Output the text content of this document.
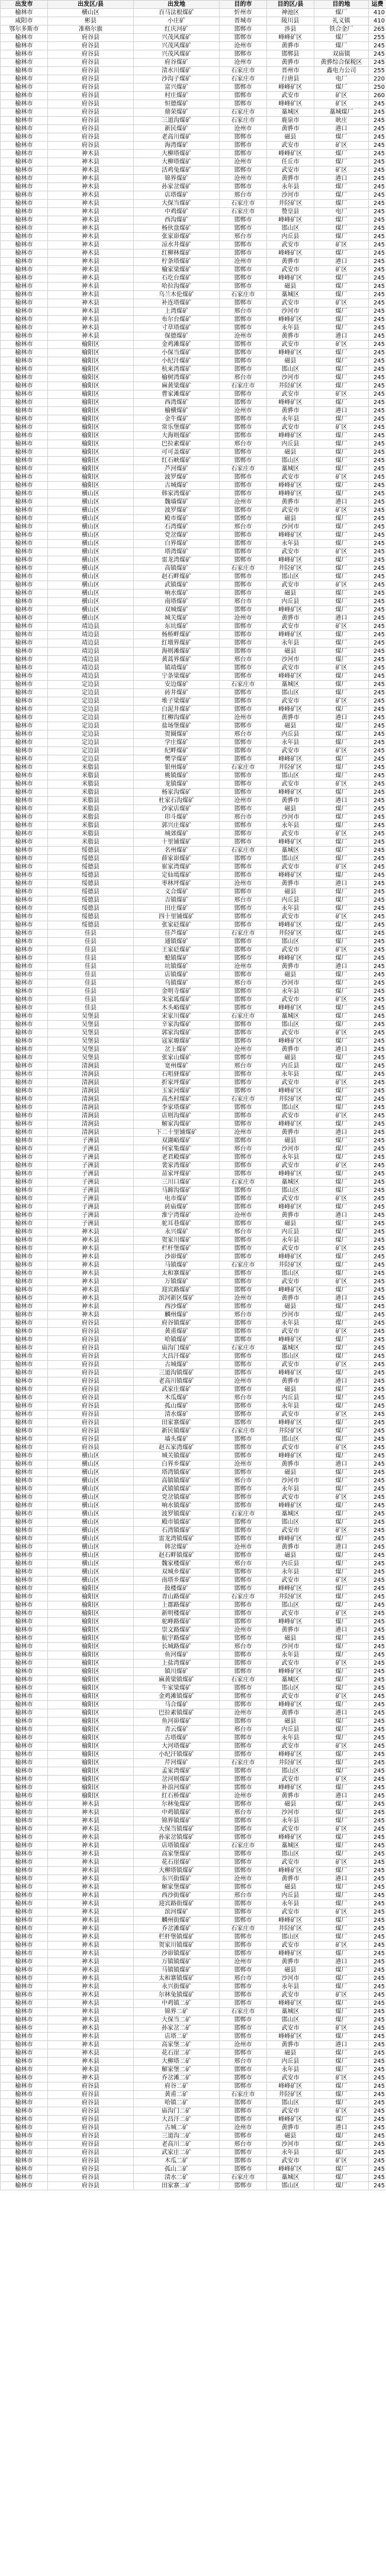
出发市	出发区/县	出发地	目的市	目的区/县	目的地	运费
榆林市	横山区	百马法根煤矿	忻州市	神池区	煤厂	410
咸阳市	彬县	小庄矿	晋城市	陵川县	礼义镇	410
鄂尔多斯市	准格尔旗	红庆河矿	邯郸市	涉县	铁合金厂	265
榆林市	府谷县	兴茂风煤矿	邯郸市	峰峰矿区	煤厂	255
榆林市	府谷县	兴茂风煤矿	沧州市	黄骅市	煤厂	245
榆林市	府谷县	兴茂风煤矿	邯郸市	邯郸县	双庙镇	245
榆林市	府谷县	府谷煤矿	沧州市	黄骅市	黄骅综合保税区	245
榆林市	府谷县	清水川煤矿	石家庄市	晋州市	鑫电力公司	255
榆林市	府谷县	沙沟子煤矿	石家庄市	行唐县	电厂	220
榆林市	府谷县	富兴煤矿	邯郸市	峰峰矿区	煤厂	250
榆林市	府谷县	村庄煤矿	邯郸市	武安市	矿区	260
榆林市	府谷县	恒德煤矿	邯郸市	峰峰矿区	矿区	245
榆林市	府谷县	鼎荣煤矿	石家庄市	藁城区	藁城煤厂	245
榆林市	府谷县	三道沟煤矿	石家庄市	鹿泉市	耿庄	245
榆林市	府谷县	新民煤矿	沧州市	黄骅市	港口	245
榆林市	府谷县	老高川煤矿	邯郸市	磁县	煤厂	245
榆林市	府谷县	海湾煤矿	邯郸市	武安市	矿区	245
榆林市	神木县	大柳塔煤矿	邯郸市	峰峰矿区	煤厂	245
榆林市	神木县	大柳塔煤矿	沧州市	任丘市	煤厂	245
榆林市	神木县	活鸡兔煤矿	邯郸市	武安市	矿区	245
榆林市	神木县	锦界煤矿	沧州市	黄骅市	港口	245
榆林市	神木县	孙家岔煤矿	邯郸市	永年县	煤厂	245
榆林市	神木县	店塔煤矿	邢台市	沙河市	煤厂	245
榆林市	神木县	大保当煤矿	石家庄市	井陉矿区	煤厂	245
榆林市	神木县	中鸡煤矿	石家庄市	赞皇县	电厂	245
榆林市	神木县	西沟煤矿	邯郸市	峰峰矿区	煤厂	245
榆林市	神木县	杨伙盘煤矿	邯郸市	邯山区	煤厂	245
榆林市	神木县	张家峁煤矿	邢台市	内丘县	煤厂	245
榆林市	神木县	凉水井煤矿	邯郸市	武安市	矿区	245
榆林市	神木县	红柳林煤矿	邯郸市	峰峰矿区	煤厂	245
榆林市	神木县	柠条塔煤矿	沧州市	黄骅市	港口	245
榆林市	神木县	榆家梁煤矿	邯郸市	武安市	矿区	245
榆林市	神木县	石圪台煤矿	邯郸市	峰峰矿区	煤厂	245
榆林市	神木县	哈拉沟煤矿	邯郸市	磁县	煤厂	245
榆林市	神木县	乌兰木伦煤矿	石家庄市	藁城区	煤厂	245
榆林市	神木县	补连塔煤矿	邯郸市	武安市	矿区	245
榆林市	神木县	上湾煤矿	邢台市	沙河市	煤厂	245
榆林市	神木县	布尔台煤矿	邯郸市	峰峰矿区	煤厂	245
榆林市	神木县	寸草塔煤矿	邯郸市	永年县	煤厂	245
榆林市	神木县	保德煤矿	沧州市	黄骅市	港口	245
榆林市	榆阳区	金鸡滩煤矿	邯郸市	武安市	矿区	245
榆林市	榆阳区	小保当煤矿	邯郸市	峰峰矿区	煤厂	245
榆林市	榆阳区	小纪汗煤矿	邯郸市	磁县	煤厂	245
榆林市	榆阳区	杭来湾煤矿	邯郸市	邯山区	煤厂	245
榆林市	榆阳区	榆树湾煤矿	邢台市	沙河市	煤厂	245
榆林市	榆阳区	麻黄梁煤矿	石家庄市	井陉矿区	煤厂	245
榆林市	榆阳区	曹家滩煤矿	邯郸市	武安市	矿区	245
榆林市	榆阳区	西湾煤矿	邯郸市	峰峰矿区	煤厂	245
榆林市	榆阳区	榆横煤矿	沧州市	黄骅市	港口	245
榆林市	榆阳区	金牛煤矿	邯郸市	永年县	煤厂	245
榆林市	榆阳区	常乐堡煤矿	邯郸市	武安市	矿区	245
榆林市	榆阳区	大海则煤矿	邯郸市	峰峰矿区	煤厂	245
榆林市	榆阳区	巴拉素煤矿	邢台市	内丘县	煤厂	245
榆林市	榆阳区	可可盖煤矿	邯郸市	磁县	煤厂	245
榆林市	榆阳区	红石峡煤矿	邯郸市	邯山区	煤厂	245
榆林市	榆阳区	芦河煤矿	石家庄市	藁城区	煤厂	245
榆林市	榆阳区	波罗煤矿	邯郸市	武安市	矿区	245
榆林市	榆阳区	古城煤矿	邯郸市	峰峰矿区	煤厂	245
榆林市	横山区	韩家湾煤矿	邯郸市	峰峰矿区	煤厂	245
榆林市	横山区	魏墙煤矿	沧州市	黄骅市	港口	245
榆林市	横山区	波罗煤矿	邯郸市	武安市	矿区	245
榆林市	横山区	殿市煤矿	邯郸市	磁县	煤厂	245
榆林市	横山区	石湾煤矿	邢台市	沙河市	煤厂	245
榆林市	横山区	党岔煤矿	邯郸市	峰峰矿区	煤厂	245
榆林市	横山区	白界煤矿	邯郸市	永年县	煤厂	245
榆林市	横山区	塔湾煤矿	邯郸市	武安市	矿区	245
榆林市	横山区	雷龙湾煤矿	邯郸市	峰峰矿区	煤厂	245
榆林市	横山区	高镇煤矿	石家庄市	井陉矿区	煤厂	245
榆林市	横山区	赵石畔煤矿	邯郸市	邯山区	煤厂	245
榆林市	横山区	武镇煤矿	邯郸市	武安市	矿区	245
榆林市	横山区	响水煤矿	邯郸市	磁县	煤厂	245
榆林市	横山区	南塔煤矿	邢台市	内丘县	煤厂	245
榆林市	横山区	双城煤矿	邯郸市	峰峰矿区	煤厂	245
榆林市	横山区	城关煤矿	沧州市	黄骅市	港口	245
榆林市	靖边县	东坑煤矿	邯郸市	武安市	矿区	245
榆林市	靖边县	杨桥畔煤矿	邯郸市	峰峰矿区	煤厂	245
榆林市	靖边县	红墩界煤矿	邯郸市	永年县	煤厂	245
榆林市	靖边县	海则滩煤矿	邯郸市	磁县	煤厂	245
榆林市	靖边县	黄蒿界煤矿	邢台市	沙河市	煤厂	245
榆林市	靖边县	镇靖煤矿	邯郸市	武安市	矿区	245
榆林市	靖边县	宁条梁煤矿	邯郸市	峰峰矿区	煤厂	245
榆林市	定边县	安边煤矿	石家庄市	藁城区	煤厂	245
榆林市	定边县	砖井煤矿	邯郸市	邯山区	煤厂	245
榆林市	定边县	堆子梁煤矿	邯郸市	武安市	矿区	245
榆林市	定边县	白泥井煤矿	邯郸市	峰峰矿区	煤厂	245
榆林市	定边县	红柳沟煤矿	沧州市	黄骅市	港口	245
榆林市	定边县	盐场堡煤矿	邯郸市	磁县	煤厂	245
榆林市	定边县	贺圈煤矿	邢台市	内丘县	煤厂	245
榆林市	定边县	学庄煤矿	邯郸市	永年县	煤厂	245
榆林市	定边县	纪畔煤矿	邯郸市	武安市	矿区	245
榆林市	定边县	樊学煤矿	邯郸市	峰峰矿区	煤厂	245
榆林市	米脂县	银州煤矿	石家庄市	井陉矿区	煤厂	245
榆林市	米脂县	桃镇煤矿	邯郸市	邯山区	煤厂	245
榆林市	米脂县	龙镇煤矿	邯郸市	武安市	矿区	245
榆林市	米脂县	杨家沟煤矿	邯郸市	峰峰矿区	煤厂	245
榆林市	米脂县	杜家石沟煤矿	沧州市	黄骅市	港口	245
榆林市	米脂县	沙家店煤矿	邯郸市	磁县	煤厂	245
榆林市	米脂县	印斗煤矿	邢台市	沙河市	煤厂	245
榆林市	米脂县	郭兴庄煤矿	邯郸市	永年县	煤厂	245
榆林市	米脂县	城郊煤矿	邯郸市	武安市	矿区	245
榆林市	米脂县	十里铺煤矿	邯郸市	峰峰矿区	煤厂	245
榆林市	绥德县	名州煤矿	石家庄市	藁城区	煤厂	245
榆林市	绥德县	薛家峁煤矿	邯郸市	邯山区	煤厂	245
榆林市	绥德县	崔家湾煤矿	邯郸市	武安市	矿区	245
榆林市	绥德县	定仙墕煤矿	邯郸市	峰峰矿区	煤厂	245
榆林市	绥德县	枣林坪煤矿	沧州市	黄骅市	港口	245
榆林市	绥德县	义合煤矿	邯郸市	磁县	煤厂	245
榆林市	绥德县	吉镇煤矿	邢台市	内丘县	煤厂	245
榆林市	绥德县	田庄煤矿	邯郸市	永年县	煤厂	245
榆林市	绥德县	四十里铺煤矿	邯郸市	武安市	矿区	245
榆林市	绥德县	张家砭煤矿	邯郸市	峰峰矿区	煤厂	245
榆林市	佳县	佳芦煤矿	石家庄市	井陉矿区	煤厂	245
榆林市	佳县	通镇煤矿	邯郸市	邯山区	煤厂	245
榆林市	佳县	王家砭煤矿	邯郸市	武安市	矿区	245
榆林市	佳县	螅镇煤矿	邯郸市	峰峰矿区	煤厂	245
榆林市	佳县	坑镇煤矿	沧州市	黄骅市	港口	245
榆林市	佳县	店镇煤矿	邯郸市	磁县	煤厂	245
榆林市	佳县	乌镇煤矿	邢台市	沙河市	煤厂	245
榆林市	佳县	金明寺煤矿	邯郸市	永年县	煤厂	245
榆林市	佳县	朱家坬煤矿	邯郸市	武安市	矿区	245
榆林市	佳县	木头峪煤矿	邯郸市	峰峰矿区	煤厂	245
榆林市	吴堡县	宋家川煤矿	石家庄市	藁城区	煤厂	245
榆林市	吴堡县	辛家沟煤矿	邯郸市	邯山区	煤厂	245
榆林市	吴堡县	郭家沟煤矿	邯郸市	武安市	矿区	245
榆林市	吴堡县	寇家塬煤矿	邯郸市	峰峰矿区	煤厂	245
榆林市	吴堡县	岔上煤矿	沧州市	黄骅市	港口	245
榆林市	吴堡县	张家山煤矿	邯郸市	磁县	煤厂	245
榆林市	清涧县	宽州煤矿	邢台市	内丘县	煤厂	245
榆林市	清涧县	石咀驿煤矿	邯郸市	永年县	煤厂	245
榆林市	清涧县	折家坪煤矿	邯郸市	武安市	矿区	245
榆林市	清涧县	玉家河煤矿	邯郸市	峰峰矿区	煤厂	245
榆林市	清涧县	高杰村煤矿	石家庄市	井陉矿区	煤厂	245
榆林市	清涧县	李家塔煤矿	邯郸市	邯山区	煤厂	245
榆林市	清涧县	店则沟煤矿	邯郸市	武安市	矿区	245
榆林市	清涧县	解家沟煤矿	邯郸市	峰峰矿区	煤厂	245
榆林市	清涧县	下二十里铺煤矿	沧州市	黄骅市	港口	245
榆林市	子洲县	双湖峪煤矿	邯郸市	磁县	煤厂	245
榆林市	子洲县	何家集煤矿	邢台市	沙河市	煤厂	245
榆林市	子洲县	老君殿煤矿	邯郸市	永年县	煤厂	245
榆林市	子洲县	裴家湾煤矿	邯郸市	武安市	矿区	245
榆林市	子洲县	苗家坪煤矿	邯郸市	峰峰矿区	煤厂	245
榆林市	子洲县	三川口煤矿	石家庄市	藁城区	煤厂	245
榆林市	子洲县	马蹄沟煤矿	邯郸市	邯山区	煤厂	245
榆林市	子洲县	电市煤矿	邯郸市	武安市	矿区	245
榆林市	子洲县	砖庙煤矿	邯郸市	峰峰矿区	煤厂	245
榆林市	子洲县	淮宁湾煤矿	沧州市	黄骅市	港口	245
榆林市	子洲县	驼耳巷煤矿	邯郸市	磁县	煤厂	245
榆林市	神木县	永兴煤矿	邢台市	内丘县	煤厂	245
榆林市	神木县	贺家川煤矿	邯郸市	永年县	煤厂	245
榆林市	神木县	栏杆堡煤矿	邯郸市	武安市	矿区	245
榆林市	神木县	沙峁煤矿	邯郸市	峰峰矿区	煤厂	245
榆林市	神木县	马镇煤矿	石家庄市	井陉矿区	煤厂	245
榆林市	神木县	太和寨煤矿	邯郸市	邯山区	煤厂	245
榆林市	神木县	万镇煤矿	邯郸市	武安市	矿区	245
榆林市	神木县	迎宾路煤矿	邯郸市	峰峰矿区	煤厂	245
榆林市	神木县	滨河新区煤矿	沧州市	黄骅市	港口	245
榆林市	神木县	西沙煤矿	邯郸市	磁县	煤厂	245
榆林市	神木县	麟州煤矿	邢台市	沙河市	煤厂	245
榆林市	府谷县	府谷镇煤矿	邯郸市	永年县	煤厂	245
榆林市	府谷县	黄甫煤矿	邯郸市	武安市	矿区	245
榆林市	府谷县	哈镇煤矿	邯郸市	峰峰矿区	煤厂	245
榆林市	府谷县	庙沟门煤矿	石家庄市	藁城区	煤厂	245
榆林市	府谷县	大昌汗煤矿	邯郸市	邯山区	煤厂	245
榆林市	府谷县	古城煤矿	邯郸市	武安市	矿区	245
榆林市	府谷县	三道沟镇煤矿	邯郸市	峰峰矿区	煤厂	245
榆林市	府谷县	老高川镇煤矿	沧州市	黄骅市	港口	245
榆林市	府谷县	武家庄煤矿	邯郸市	磁县	煤厂	245
榆林市	府谷县	木瓜煤矿	邢台市	内丘县	煤厂	245
榆林市	府谷县	孤山煤矿	邯郸市	永年县	煤厂	245
榆林市	府谷县	清水煤矿	邯郸市	武安市	矿区	245
榆林市	府谷县	田家寨煤矿	邯郸市	峰峰矿区	煤厂	245
榆林市	府谷县	新民镇煤矿	石家庄市	井陉矿区	煤厂	245
榆林市	府谷县	墙头煤矿	邯郸市	邯山区	煤厂	245
榆林市	府谷县	赵五家湾煤矿	邯郸市	武安市	矿区	245
榆林市	横山区	城关镇煤矿	邯郸市	峰峰矿区	煤厂	245
榆林市	横山区	白界乡煤矿	沧州市	黄骅市	港口	245
榆林市	横山区	塔湾镇煤矿	邯郸市	磁县	煤厂	245
榆林市	横山区	高镇镇煤矿	邢台市	沙河市	煤厂	245
榆林市	横山区	武镇镇煤矿	邯郸市	永年县	煤厂	245
榆林市	横山区	党岔镇煤矿	邯郸市	武安市	矿区	245
榆林市	横山区	响水镇煤矿	邯郸市	峰峰矿区	煤厂	245
榆林市	横山区	波罗镇煤矿	石家庄市	藁城区	煤厂	245
榆林市	横山区	殿市镇煤矿	邯郸市	邯山区	煤厂	245
榆林市	横山区	石湾镇煤矿	邯郸市	武安市	矿区	245
榆林市	横山区	雷龙湾镇煤矿	邯郸市	峰峰矿区	煤厂	245
榆林市	横山区	韩岔煤矿	沧州市	黄骅市	港口	245
榆林市	横山区	赵石畔镇煤矿	邯郸市	磁县	煤厂	245
榆林市	横山区	魏家楼煤矿	邢台市	内丘县	煤厂	245
榆林市	横山区	双城乡煤矿	邯郸市	永年县	煤厂	245
榆林市	横山区	南塔乡煤矿	邯郸市	武安市	矿区	245
榆林市	榆阳区	鼓楼煤矿	邯郸市	峰峰矿区	煤厂	245
榆林市	榆阳区	青山路煤矿	石家庄市	井陉矿区	煤厂	245
榆林市	榆阳区	上郡路煤矿	邯郸市	邯山区	煤厂	245
榆林市	榆阳区	新明楼煤矿	邯郸市	武安市	矿区	245
榆林市	榆阳区	驼峰路煤矿	邯郸市	峰峰矿区	煤厂	245
榆林市	榆阳区	崇文路煤矿	沧州市	黄骅市	港口	245
榆林市	榆阳区	航宇路煤矿	邯郸市	磁县	煤厂	245
榆林市	榆阳区	长城路煤矿	邢台市	沙河市	煤厂	245
榆林市	榆阳区	鱼河煤矿	邯郸市	永年县	煤厂	245
榆林市	榆阳区	上盐湾煤矿	邯郸市	武安市	矿区	245
榆林市	榆阳区	镇川煤矿	邯郸市	峰峰矿区	煤厂	245
榆林市	榆阳区	麻黄梁镇煤矿	石家庄市	藁城区	煤厂	245
榆林市	榆阳区	牛家梁煤矿	邯郸市	邯山区	煤厂	245
榆林市	榆阳区	金鸡滩镇煤矿	邯郸市	武安市	矿区	245
榆林市	榆阳区	马合煤矿	邯郸市	峰峰矿区	煤厂	245
榆林市	榆阳区	巴拉素镇煤矿	沧州市	黄骅市	港口	245
榆林市	榆阳区	鱼河峁煤矿	邯郸市	磁县	煤厂	245
榆林市	榆阳区	青云煤矿	邢台市	内丘县	煤厂	245
榆林市	榆阳区	古塔煤矿	邯郸市	永年县	煤厂	245
榆林市	榆阳区	大河塔煤矿	邯郸市	武安市	矿区	245
榆林市	榆阳区	小纪汗镇煤矿	邯郸市	峰峰矿区	煤厂	245
榆林市	榆阳区	芹河煤矿	石家庄市	井陉矿区	煤厂	245
榆林市	榆阳区	孟家湾煤矿	邯郸市	邯山区	煤厂	245
榆林市	榆阳区	岔河则煤矿	邯郸市	武安市	矿区	245
榆林市	榆阳区	补浪河煤矿	邯郸市	峰峰矿区	煤厂	245
榆林市	榆阳区	红石桥煤矿	沧州市	黄骅市	港口	245
榆林市	神木县	尔林兔煤矿	邯郸市	磁县	煤厂	245
榆林市	神木县	中鸡镇煤矿	邢台市	沙河市	煤厂	245
榆林市	神木县	锦界镇煤矿	邯郸市	永年县	煤厂	245
榆林市	神木县	大保当镇煤矿	邯郸市	武安市	矿区	245
榆林市	神木县	孙家岔镇煤矿	邯郸市	峰峰矿区	煤厂	245
榆林市	神木县	店塔镇煤矿	石家庄市	藁城区	煤厂	245
榆林市	神木县	高家堡煤矿	邯郸市	邯山区	煤厂	245
榆林市	神木县	花石崖煤矿	邯郸市	武安市	矿区	245
榆林市	神木县	大柳塔镇煤矿	邯郸市	峰峰矿区	煤厂	245
榆林市	神木县	东兴街煤矿	沧州市	黄骅市	港口	245
榆林市	神木县	解家堡煤矿	邯郸市	磁县	煤厂	245
榆林市	神木县	西沙街煤矿	邢台市	内丘县	煤厂	245
榆林市	神木县	迎宾路街煤矿	邯郸市	永年县	煤厂	245
榆林市	神木县	滨河煤矿	邯郸市	武安市	矿区	245
榆林市	神木县	麟州街煤矿	邯郸市	峰峰矿区	煤厂	245
榆林市	神木县	乔岔滩煤矿	石家庄市	井陉矿区	煤厂	245
榆林市	神木县	栏杆堡镇煤矿	邯郸市	邯山区	煤厂	245
榆林市	神木县	贺家川镇煤矿	邯郸市	武安市	矿区	245
榆林市	神木县	沙峁镇煤矿	邯郸市	峰峰矿区	煤厂	245
榆林市	神木县	万镇镇煤矿	沧州市	黄骅市	港口	245
榆林市	神木县	马镇镇煤矿	邯郸市	磁县	煤厂	245
榆林市	神木县	太和寨镇煤矿	邢台市	沙河市	煤厂	245
榆林市	神木县	永兴街煤矿	邯郸市	永年县	煤厂	245
榆林市	神木县	尔林兔镇煤矿	邯郸市	武安市	矿区	245
榆林市	神木县	中鸡镇二矿	邯郸市	峰峰矿区	煤厂	245
榆林市	神木县	锦界二矿	石家庄市	藁城区	煤厂	245
榆林市	神木县	大保当二矿	邯郸市	邯山区	煤厂	245
榆林市	神木县	孙家岔二矿	邯郸市	武安市	矿区	245
榆林市	神木县	店塔二矿	邯郸市	峰峰矿区	煤厂	245
榆林市	神木县	高家堡二矿	沧州市	黄骅市	港口	245
榆林市	神木县	花石崖二矿	邯郸市	磁县	煤厂	245
榆林市	神木县	大柳塔二矿	邢台市	内丘县	煤厂	245
榆林市	神木县	解家堡二矿	邯郸市	永年县	煤厂	245
榆林市	神木县	乔岔滩二矿	邯郸市	武安市	矿区	245
榆林市	府谷县	府谷二矿	邯郸市	峰峰矿区	煤厂	245
榆林市	府谷县	黄甫二矿	石家庄市	井陉矿区	煤厂	245
榆林市	府谷县	哈镇二矿	邯郸市	邯山区	煤厂	245
榆林市	府谷县	庙沟门二矿	邯郸市	武安市	矿区	245
榆林市	府谷县	大昌汗二矿	邯郸市	峰峰矿区	煤厂	245
榆林市	府谷县	古城二矿	沧州市	黄骅市	港口	245
榆林市	府谷县	三道沟二矿	邯郸市	磁县	煤厂	245
榆林市	府谷县	老高川二矿	邢台市	沙河市	煤厂	245
榆林市	府谷县	武家庄二矿	邯郸市	永年县	煤厂	245
榆林市	府谷县	木瓜二矿	邯郸市	武安市	矿区	245
榆林市	府谷县	孤山二矿	邯郸市	峰峰矿区	煤厂	245
榆林市	府谷县	清水二矿	石家庄市	藁城区	煤厂	245
榆林市	府谷县	田家寨二矿	邯郸市	邯山区	煤厂	245
